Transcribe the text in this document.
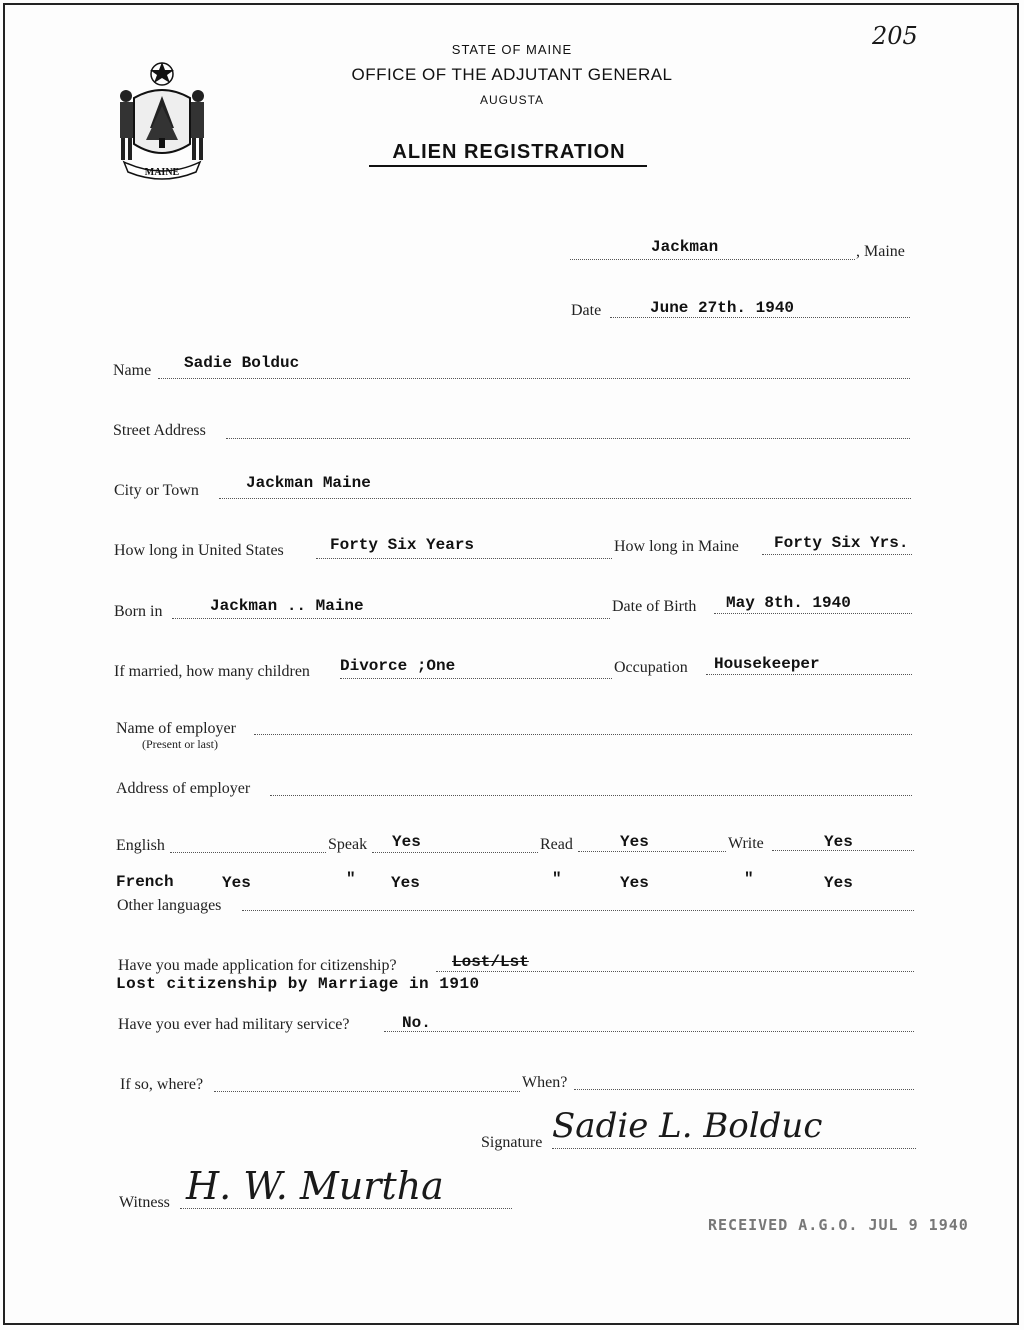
205
MAINE
STATE OF MAINE
OFFICE OF THE ADJUTANT GENERAL
AUGUSTA
ALIEN REGISTRATION
Jackman	, Maine
Date	June 27th. 1940
Name Sadie Bolduc
Street Address
City or Town	Jackman Maine
How long in United States	Forty Six Years	How long in Maine Forty Six Yrs.
Born in	Jackman .. Maine	Date of Birth May 8th. 1940
If married, how many children Divorce ;One	Occupation Housekeeper
Name of employer
(Present or last)
Address of employer
English	Speak Yes	Read	Yes	Write	Yes
French	Yes	" Yes	"	Yes	"	Yes
Other languages
Have you made application for citizenship?	Lost/Lst
Lost citizenship by Marriage in 1910
Have you ever had military service?	No.
If so, where?	When?
Signature Sadie L. Bolduc
Witness H. W. Murtha
RECEIVED A.G.O. JUL 9 1940
